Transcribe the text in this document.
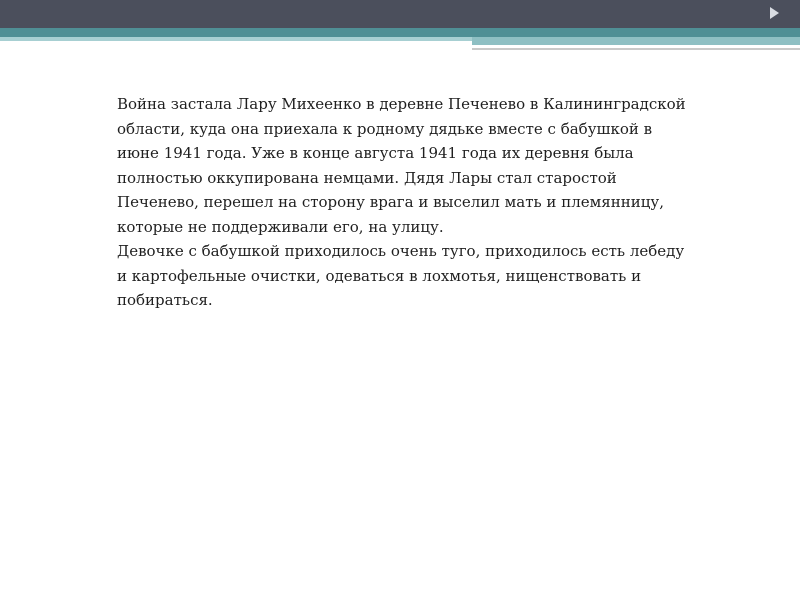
Война застала Лару Михеенко в деревне Печенево в Калининградской области, куда она приехала к родному дядьке вместе с бабушкой в июне 1941 года. Уже в конце августа 1941 года их деревня была полностью оккупирована немцами. Дядя Лары стал старостой Печенево, перешел на сторону врага и выселил мать и племянницу, которые не поддерживали его, на улицу.

Девочке с бабушкой приходилось очень туго, приходилось есть лебеду и картофельные очистки, одеваться в лохмотья, нищенствовать и побираться.
